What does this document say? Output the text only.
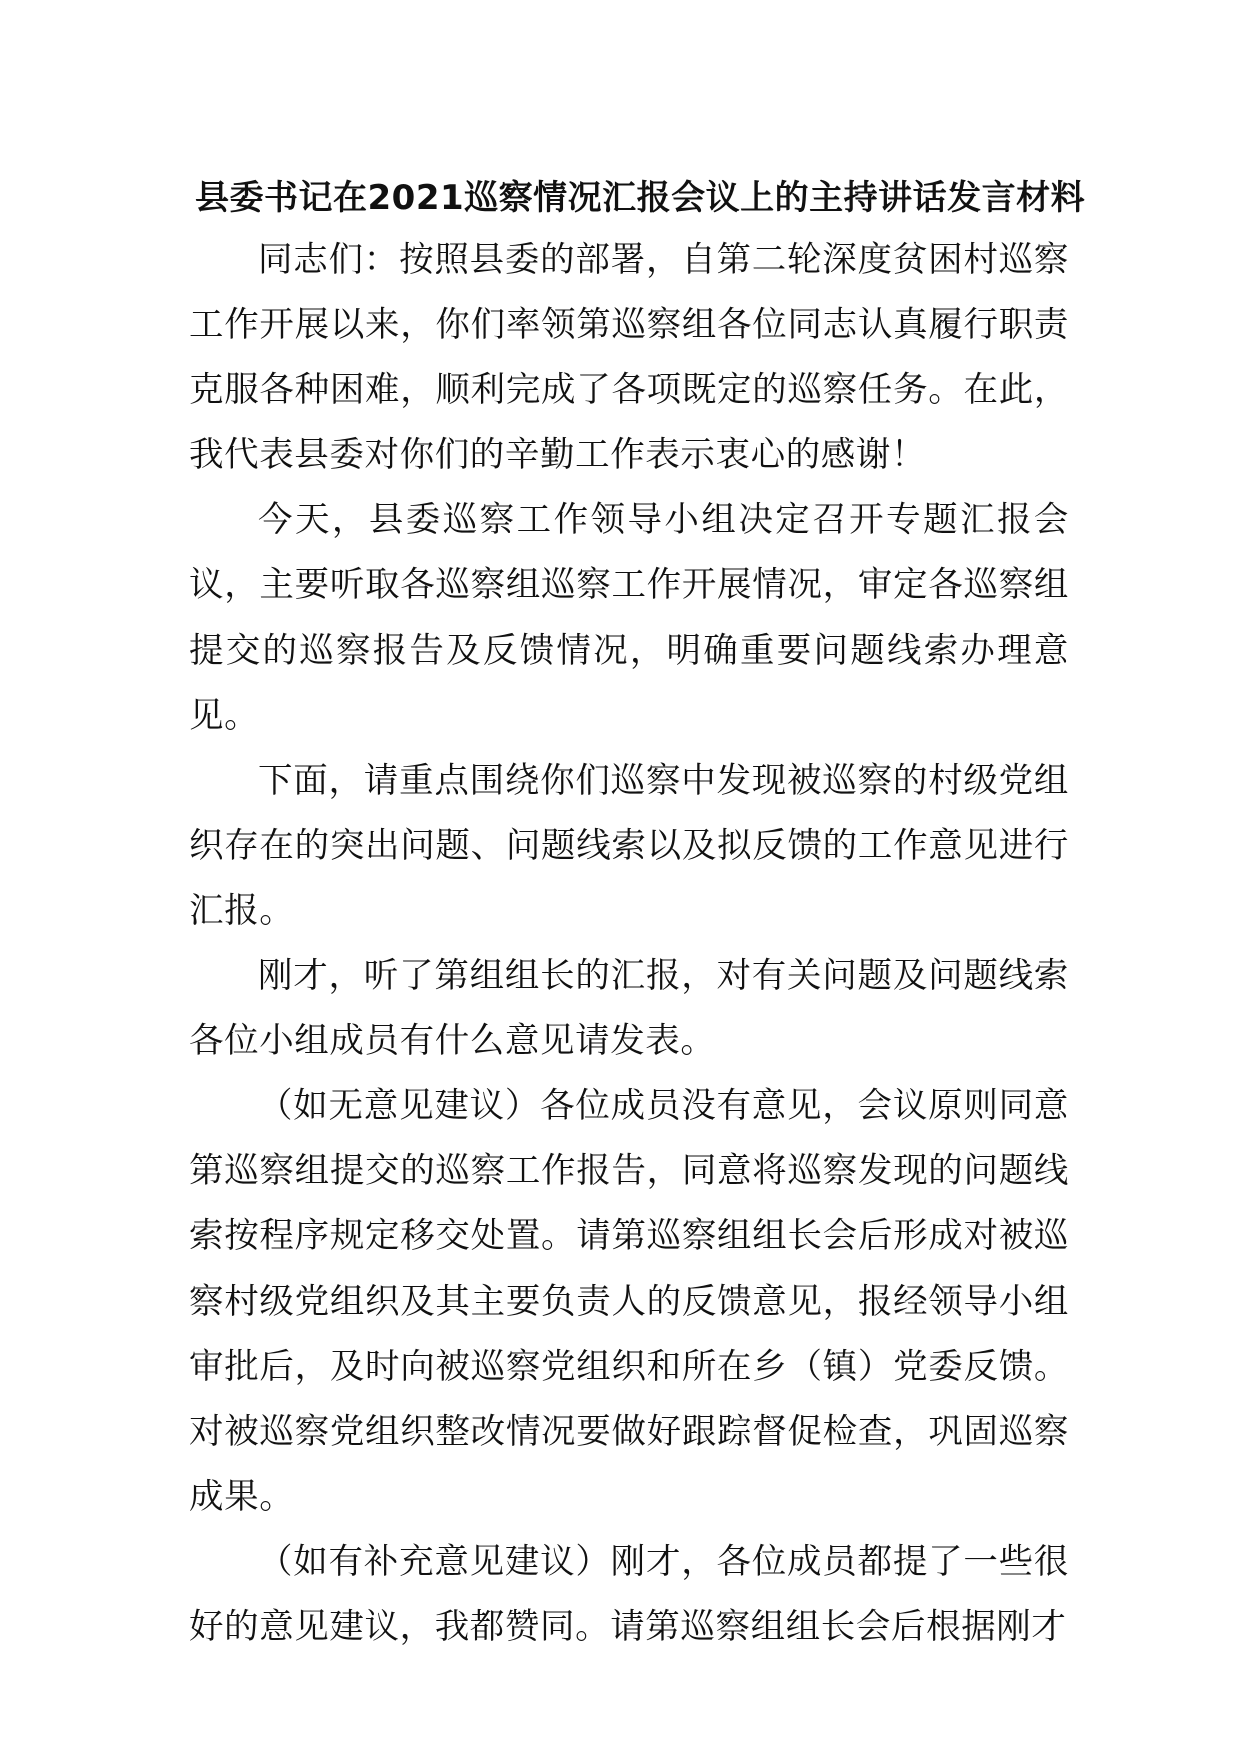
县委书记在2021巡察情况汇报会议上的主持讲话发言材料

同志们：按照县委的部署，自第二轮深度贫困村巡察工作开展以来，你们率领第巡察组各位同志认真履行职责克服各种困难，顺利完成了各项既定的巡察任务。在此，我代表县委对你们的辛勤工作表示衷心的感谢！

今天，县委巡察工作领导小组决定召开专题汇报会议，主要听取各巡察组巡察工作开展情况，审定各巡察组提交的巡察报告及反馈情况，明确重要问题线索办理意见。

下面，请重点围绕你们巡察中发现被巡察的村级党组织存在的突出问题、问题线索以及拟反馈的工作意见进行汇报。

刚才，听了第组组长的汇报，对有关问题及问题线索各位小组成员有什么意见请发表。

（如无意见建议）各位成员没有意见，会议原则同意第巡察组提交的巡察工作报告，同意将巡察发现的问题线索按程序规定移交处置。请第巡察组组长会后形成对被巡察村级党组织及其主要负责人的反馈意见，报经领导小组审批后，及时向被巡察党组织和所在乡（镇）党委反馈。对被巡察党组织整改情况要做好跟踪督促检查，巩固巡察成果。

（如有补充意见建议）刚才，各位成员都提了一些很好的意见建议，我都赞同。请第巡察组组长会后根据刚才
